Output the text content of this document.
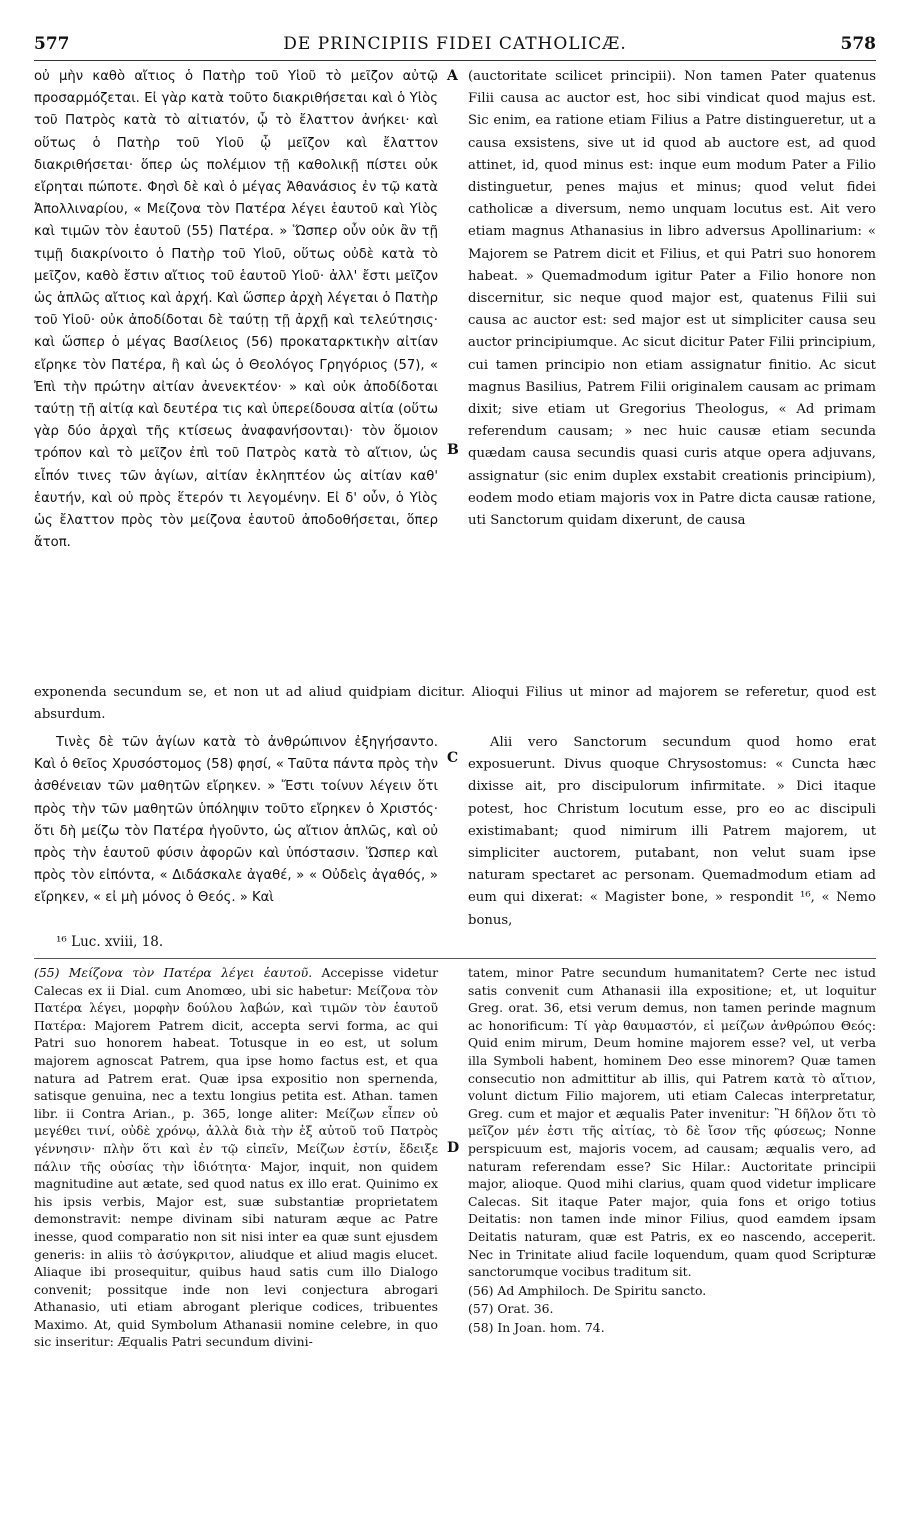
577	DE PRINCIPIIS FIDEI CATHOLICÆ.	578

οὐ μὴν καθὸ αἴτιος ὁ Πατὴρ τοῦ Υἱοῦ τὸ μεῖζον αὐτῷ προσαρμόζεται. Εἰ γὰρ κατὰ τοῦτο διακριθήσεται καὶ ὁ Υἱὸς τοῦ Πατρὸς κατὰ τὸ αἰτιατόν, ᾧ τὸ ἔλαττον ἀνήκει· καὶ οὕτως ὁ Πατὴρ τοῦ Υἱοῦ ᾧ μεῖζον καὶ ἔλαττον διακριθήσεται· ὅπερ ὡς πολέμιον τῇ καθολικῇ πίστει οὐκ εἴρηται πώποτε. Φησὶ δὲ καὶ ὁ μέγας Ἀθανάσιος ἐν τῷ κατὰ Ἀπολλιναρίου, « Μείζονα τὸν Πατέρα λέγει ἑαυτοῦ καὶ Υἱὸς καὶ τιμῶν τὸν ἑαυτοῦ (55) Πατέρα. » Ὥσπερ οὖν οὐκ ἂν τῇ τιμῇ διακρίνοιτο ὁ Πατὴρ τοῦ Υἱοῦ, οὕτως οὐδὲ κατὰ τὸ μεῖζον, καθὸ ἔστιν αἴτιος τοῦ ἑαυτοῦ Υἱοῦ· ἀλλ' ἔστι μεῖζον ὡς ἁπλῶς αἴτιος καὶ ἀρχή. Καὶ ὥσπερ ἀρχὴ λέγεται ὁ Πατὴρ τοῦ Υἱοῦ· οὐκ ἀποδίδοται δὲ ταύτῃ τῇ ἀρχῇ καὶ τελεύτησις· καὶ ὥσπερ ὁ μέγας Βασίλειος (56) προκαταρκτικὴν αἰτίαν εἴρηκε τὸν Πατέρα, ἢ καὶ ὡς ὁ Θεολόγος Γρηγόριος (57), « Ἐπὶ τὴν πρώτην αἰτίαν ἀνενεκτέον· » καὶ οὐκ ἀποδίδοται ταύτῃ τῇ αἰτίᾳ καὶ δευτέρα τις καὶ ὑπερείδουσα αἰτία (οὕτω γὰρ δύο ἀρχαὶ τῆς κτίσεως ἀναφανήσονται)· τὸν ὅμοιον τρόπον καὶ τὸ μεῖζον ἐπὶ τοῦ Πατρὸς κατὰ τὸ αἴτιον, ὡς εἶπόν τινες τῶν ἁγίων, αἰτίαν ἐκληπτέον ὡς αἰτίαν καθ' ἑαυτήν, καὶ οὐ πρὸς ἕτερόν τι λεγομένην. Εἰ δ' οὖν, ὁ Υἱὸς ὡς ἔλαττον πρὸς τὸν μείζονα ἑαυτοῦ ἀποδοθήσεται, ὅπερ ἄτοπ.

A
B

(auctoritate scilicet principii). Non tamen Pater quatenus Filii causa ac auctor est, hoc sibi vindicat quod majus est. Sic enim, ea ratione etiam Filius a Patre distingueretur, ut a causa exsistens, sive ut id quod ab auctore est, ad quod attinet, id, quod minus est: inque eum modum Pater a Filio distinguetur, penes majus et minus; quod velut fidei catholicæ a diversum, nemo unquam locutus est. Ait vero etiam magnus Athanasius in libro adversus Apollinarium: « Majorem se Patrem dicit et Filius, et qui Patri suo honorem habeat. » Quemadmodum igitur Pater a Filio honore non discernitur, sic neque quod major est, quatenus Filii sui causa ac auctor est: sed major est ut simpliciter causa seu auctor principiumque. Ac sicut dicitur Pater Filii principium, cui tamen principio non etiam assignatur finitio. Ac sicut magnus Basilius, Patrem Filii originalem causam ac primam dixit; sive etiam ut Gregorius Theologus, « Ad primam referendum causam; » nec huic causæ etiam secunda quædam causa secundis quasi curis atque opera adjuvans, assignatur (sic enim duplex exstabit creationis principium), eodem modo etiam majoris vox in Patre dicta causæ ratione, uti Sanctorum quidam dixerunt, de causa

exponenda secundum se, et non ut ad aliud quidpiam dicitur. Alioqui Filius ut minor ad majorem se referetur, quod est absurdum.

Τινὲς δὲ τῶν ἁγίων κατὰ τὸ ἀνθρώπινον ἐξηγήσαντο. Καὶ ὁ θεῖος Χρυσόστομος (58) φησί, « Ταῦτα πάντα πρὸς τὴν ἀσθένειαν τῶν μαθητῶν εἴρηκεν. » Ἔστι τοίνυν λέγειν ὅτι πρὸς τὴν τῶν μαθητῶν ὑπόληψιν τοῦτο εἴρηκεν ὁ Χριστός· ὅτι δὴ μείζω τὸν Πατέρα ἡγοῦντο, ὡς αἴτιον ἁπλῶς, καὶ οὐ πρὸς τὴν ἑαυτοῦ φύσιν ἀφορῶν καὶ ὑπόστασιν. Ὥσπερ καὶ πρὸς τὸν εἰπόντα, « Διδάσκαλε ἀγαθέ, » « Οὐδεὶς ἀγαθός, » εἴρηκεν, « εἰ μὴ μόνος ὁ Θεός. » Καὶ

C

Alii vero Sanctorum secundum quod homo erat exposuerunt. Divus quoque Chrysostomus: « Cuncta hæc dixisse ait, pro discipulorum infirmitate. » Dici itaque potest, hoc Christum locutum esse, pro eo ac discipuli existimabant; quod nimirum illi Patrem majorem, ut simpliciter auctorem, putabant, non velut suam ipse naturam spectaret ac personam. Quemadmodum etiam ad eum qui dixerat: « Magister bone, » respondit ¹⁶, « Nemo bonus,

¹⁶ Luc. xviii, 18.

(55) Μείζονα τὸν Πατέρα λέγει ἑαυτοῦ. Accepisse videtur Calecas ex ii Dial. cum Anomœo, ubi sic habetur: Μείζονα τὸν Πατέρα λέγει, μορφὴν δούλου λαβών, καὶ τιμῶν τὸν ἑαυτοῦ Πατέρα: Majorem Patrem dicit, accepta servi forma, ac qui Patri suo honorem habeat. Totusque in eo est, ut solum majorem agnoscat Patrem, qua ipse homo factus est, et qua natura ad Patrem erat. Quæ ipsa expositio non spernenda, satisque genuina, nec a textu longius petita est. Athan. tamen libr. ii Contra Arian., p. 365, longe aliter: Μείζων εἶπεν οὐ μεγέθει τινί, οὐδὲ χρόνῳ, ἀλλὰ διὰ τὴν ἐξ αὐτοῦ τοῦ Πατρὸς γέννησιν· πλὴν ὅτι καὶ ἐν τῷ εἰπεῖν, Μείζων ἐστίν, ἔδειξε πάλιν τῆς οὐσίας τὴν ἰδιότητα· Major, inquit, non quidem magnitudine aut ætate, sed quod natus ex illo erat. Quinimo ex his ipsis verbis, Major est, suæ substantiæ proprietatem demonstravit: nempe divinam sibi naturam æque ac Patre inesse, quod comparatio non sit nisi inter ea quæ sunt ejusdem generis: in aliis τὸ ἀσύγκριτον, aliudque et aliud magis elucet. Aliaque ibi prosequitur, quibus haud satis cum illo Dialogo convenit; possitque inde non levi conjectura abrogari Athanasio, uti etiam abrogant plerique codices, tribuentes Maximo. At, quid Symbolum Athanasii nomine celebre, in quo sic inseritur: Æqualis Patri secundum divini-

D

tatem, minor Patre secundum humanitatem? Certe nec istud satis convenit cum Athanasii illa expositione; et, ut loquitur Greg. orat. 36, etsi verum demus, non tamen perinde magnum ac honorificum: Τί γὰρ θαυμαστόν, εἰ μείζων ἀνθρώπου Θεός: Quid enim mirum, Deum homine majorem esse? vel, ut verba illa Symboli habent, hominem Deo esse minorem? Quæ tamen consecutio non admittitur ab illis, qui Patrem κατὰ τὸ αἴτιον, volunt dictum Filio majorem, uti etiam Calecas interpretatur, Greg. cum et major et æqualis Pater invenitur: Ἢ δῆλον ὅτι τὸ μεῖζον μέν ἐστι τῆς αἰτίας, τὸ δὲ ἴσον τῆς φύσεως; Nonne perspicuum est, majoris vocem, ad causam; æqualis vero, ad naturam referendam esse? Sic Hilar.: Auctoritate principii major, alioque. Quod mihi clarius, quam quod videtur implicare Calecas. Sit itaque Pater major, quia fons et origo totius Deitatis: non tamen inde minor Filius, quod eamdem ipsam Deitatis naturam, quæ est Patris, ex eo nascendo, acceperit. Nec in Trinitate aliud facile loquendum, quam quod Scripturæ sanctorumque vocibus traditum sit.

(56) Ad Amphiloch. De Spiritu sancto.

(57) Orat. 36.

(58) In Joan. hom. 74.
